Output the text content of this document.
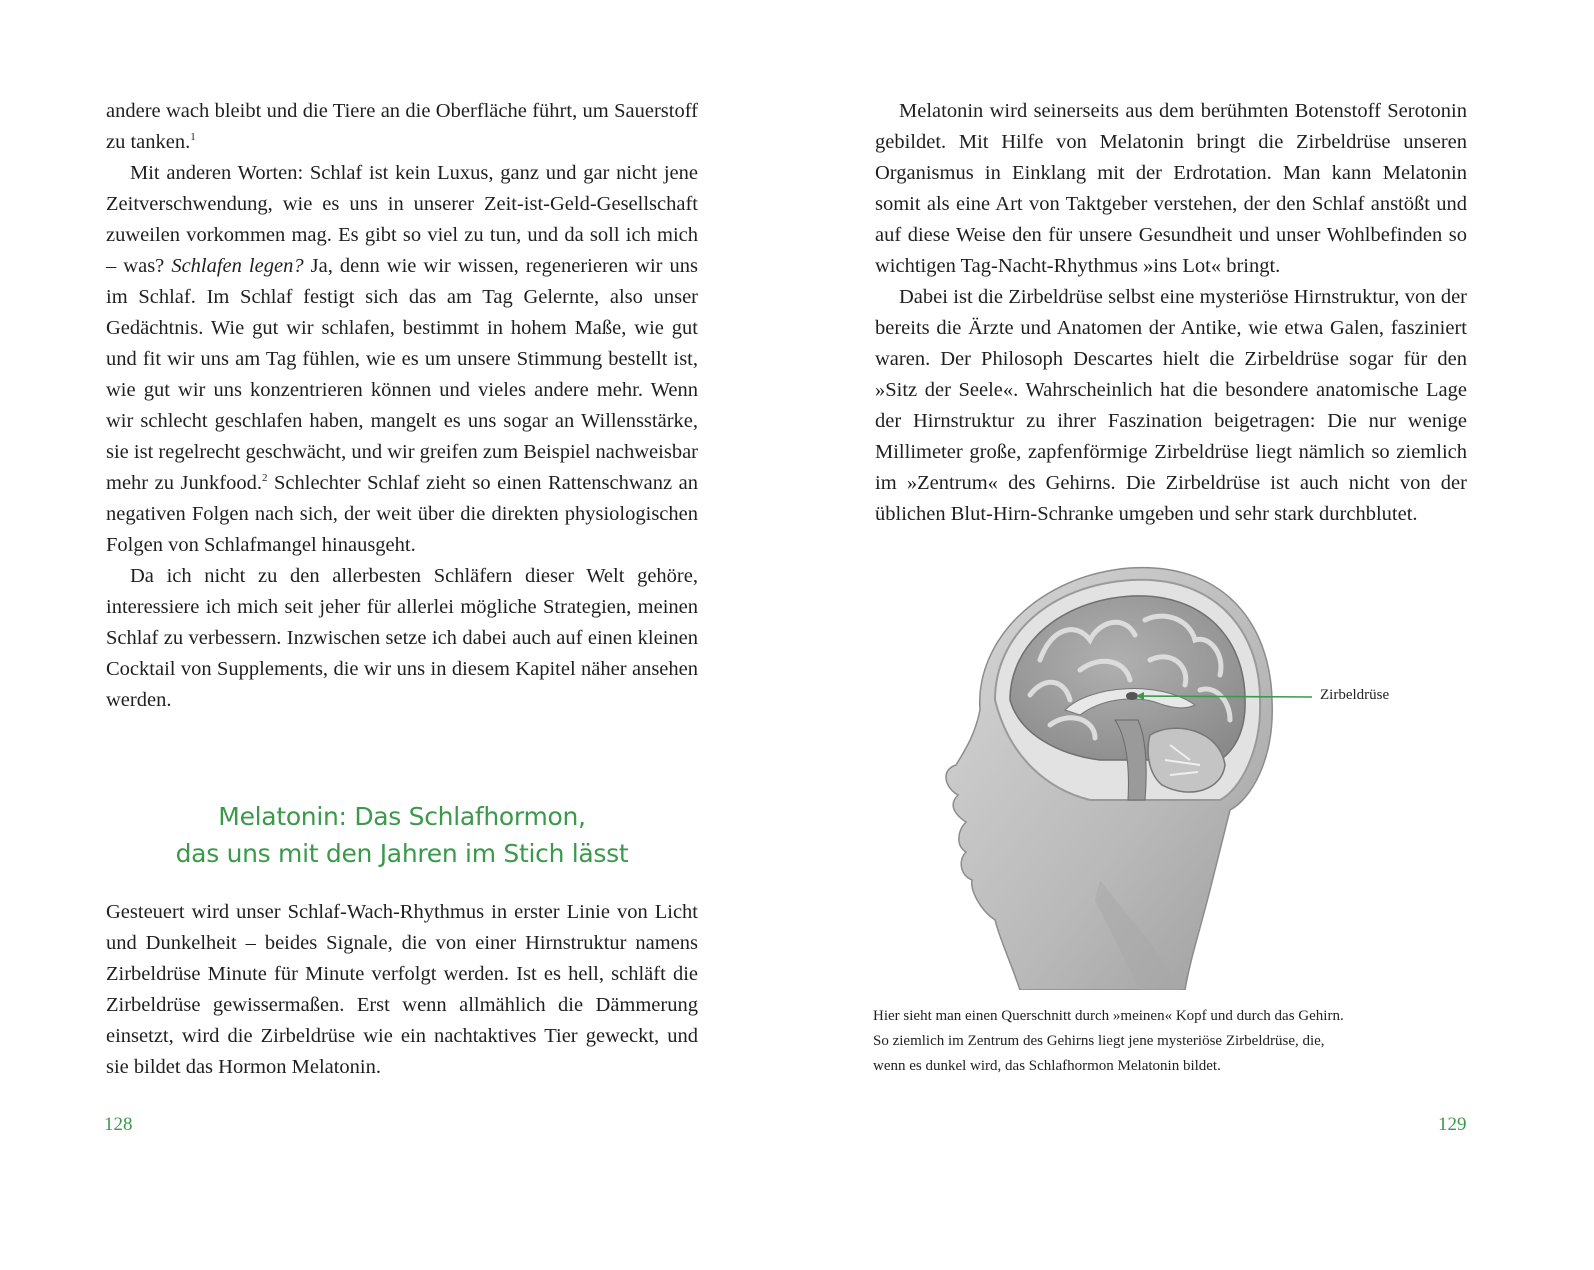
andere wach bleibt und die Tiere an die Oberfläche führt, um Sauerstoff zu tanken.$^1$

Mit anderen Worten: Schlaf ist kein Luxus, ganz und gar nicht jene Zeitverschwendung, wie es uns in unserer Zeit-ist-Geld-Gesellschaft zuweilen vorkommen mag. Es gibt so viel zu tun, und da soll ich mich – was? Schlafen legen? Ja, denn wie wir wissen, regenerieren wir uns im Schlaf. Im Schlaf festigt sich das am Tag Gelernte, also unser Gedächtnis. Wie gut wir schlafen, bestimmt in hohem Maße, wie gut und fit wir uns am Tag fühlen, wie es um unsere Stimmung bestellt ist, wie gut wir uns konzentrieren können und vieles andere mehr. Wenn wir schlecht geschlafen haben, mangelt es uns sogar an Willensstärke, sie ist regelrecht geschwächt, und wir greifen zum Beispiel nachweisbar mehr zu Junkfood.$^2$ Schlechter Schlaf zieht so einen Rattenschwanz an negativen Folgen nach sich, der weit über die direkten physiologischen Folgen von Schlafmangel hinausgeht.

Da ich nicht zu den allerbesten Schläfern dieser Welt gehöre, interessiere ich mich seit jeher für allerlei mögliche Strategien, meinen Schlaf zu verbessern. Inzwischen setze ich dabei auch auf einen kleinen Cocktail von Supplements, die wir uns in diesem Kapitel näher ansehen werden.

Melatonin: Das Schlafhormon,
das uns mit den Jahren im Stich lässt

Gesteuert wird unser Schlaf-Wach-Rhythmus in erster Linie von Licht und Dunkelheit – beides Signale, die von einer Hirnstruktur namens Zirbeldrüse Minute für Minute verfolgt werden. Ist es hell, schläft die Zirbeldrüse gewissermaßen. Erst wenn allmählich die Dämmerung einsetzt, wird die Zirbeldrüse wie ein nachtaktives Tier geweckt, und sie bildet das Hormon Melatonin.

128

Melatonin wird seinerseits aus dem berühmten Botenstoff Serotonin gebildet. Mit Hilfe von Melatonin bringt die Zirbeldrüse unseren Organismus in Einklang mit der Erdrotation. Man kann Melatonin somit als eine Art von Taktgeber verstehen, der den Schlaf anstößt und auf diese Weise den für unsere Gesundheit und unser Wohlbefinden so wichtigen Tag-Nacht-Rhythmus »ins Lot« bringt.

Dabei ist die Zirbeldrüse selbst eine mysteriöse Hirnstruktur, von der bereits die Ärzte und Anatomen der Antike, wie etwa Galen, fasziniert waren. Der Philosoph Descartes hielt die Zirbeldrüse sogar für den »Sitz der Seele«. Wahrscheinlich hat die besondere anatomische Lage der Hirnstruktur zu ihrer Faszination beigetragen: Die nur wenige Millimeter große, zapfenförmige Zirbeldrüse liegt nämlich so ziemlich im »Zentrum« des Gehirns. Die Zirbeldrüse ist auch nicht von der üblichen Blut-Hirn-Schranke umgeben und sehr stark durchblutet.

Zirbeldrüse
Hier sieht man einen Querschnitt durch »meinen« Kopf und durch das Gehirn.
So ziemlich im Zentrum des Gehirns liegt jene mysteriöse Zirbeldrüse, die,
wenn es dunkel wird, das Schlafhormon Melatonin bildet.
129
